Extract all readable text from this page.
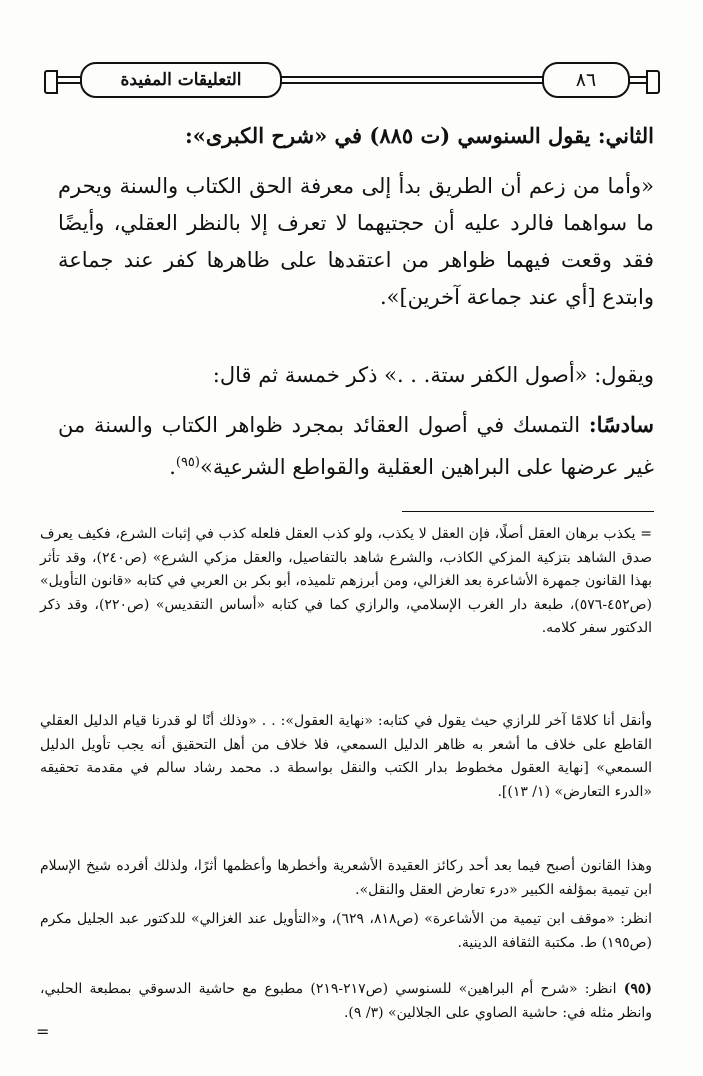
التعليقات المفيدة	٨٦

الثاني: يقول السنوسي (ت ٨٨٥) في «شرح الكبرى»:

«وأما من زعم أن الطريق بدأ إلى معرفة الحق الكتاب والسنة ويحرم ما سواهما فالرد عليه أن حجتيهما لا تعرف إلا بالنظر العقلي، وأيضًا فقد وقعت فيهما ظواهر من اعتقدها على ظاهرها كفر عند جماعة وابتدع [أي عند جماعة آخرين]».

ويقول: «أصول الكفر ستة. . .» ذكر خمسة ثم قال:

سادسًا: التمسك في أصول العقائد بمجرد ظواهر الكتاب والسنة من غير عرضها على البراهين العقلية والقواطع الشرعية»$^{(٩٥)}$.

= يكذب برهان العقل أصلًا، فإن العقل لا يكذب، ولو كذب العقل فلعله كذب في إثبات الشرع، فكيف يعرف صدق الشاهد بتزكية المزكي الكاذب، والشرع شاهد بالتفاصيل، والعقل مزكي الشرع» (ص٢٤٠)، وقد تأثر بهذا القانون جمهرة الأشاعرة بعد الغزالي، ومن أبرزهم تلميذه، أبو بكر بن العربي في كتابه «قانون التأويل» (ص٤٥٢-٥٧٦)، طبعة دار الغرب الإسلامي، والرازي كما في كتابه «أساس التقديس» (ص٢٢٠)، وقد ذكر الدكتور سفر كلامه.

وأنقل أنا كلامًا آخر للرازي حيث يقول في كتابه: «نهاية العقول»: . . «وذلك أنًا لو قدرنا قيام الدليل العقلي القاطع على خلاف ما أشعر به ظاهر الدليل السمعي، فلا خلاف من أهل التحقيق أنه يجب تأويل الدليل السمعي» [نهاية العقول مخطوط بدار الكتب والنقل بواسطة د. محمد رشاد سالم في مقدمة تحقيقه «الدرء التعارض» (١/ ١٣)].

وهذا القانون أصبح فيما بعد أحد ركائز العقيدة الأشعرية وأخطرها وأعظمها أثرًا، ولذلك أفرده شيخ الإسلام ابن تيمية بمؤلفه الكبير «درء تعارض العقل والنقل».

انظر: «موقف ابن تيمية من الأشاعرة» (ص٨١٨، ٦٢٩)، و«التأويل عند الغزالي» للدكتور عبد الجليل مكرم (ص١٩٥) ط. مكتبة الثقافة الدينية.

(٩٥) انظر: «شرح أم البراهين» للسنوسي (ص٢١٧-٢١٩) مطبوع مع حاشية الدسوقي بمطبعة الحلبي، وانظر مثله في: حاشية الصاوي على الجلالين» (٣/ ٩).

=
